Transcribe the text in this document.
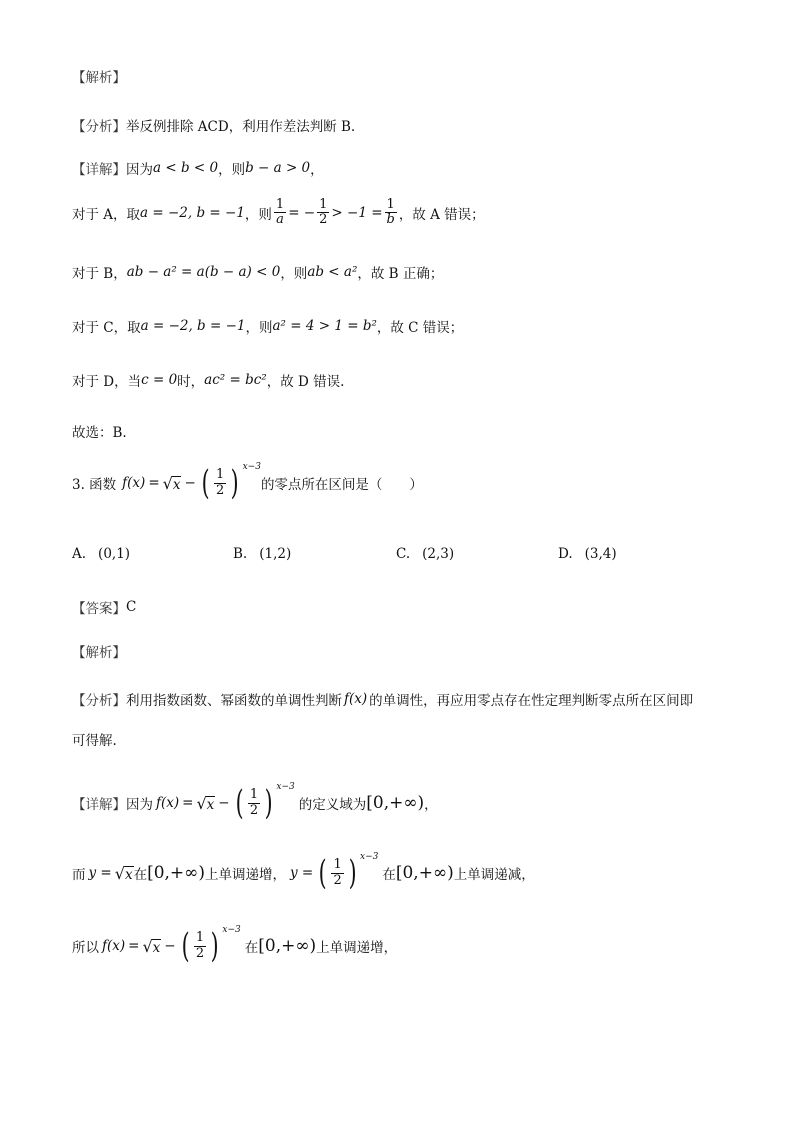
【解析】
【分析】 举反例排除 ACD，利用作差法判断 B.
【详解】 因为 a < b < 0 ，则 b − a > 0 ，
对于 A，取 a = −2, b = −1 ，则 $\frac{1}{a}$ = − $\frac{1}{2} > -1 = \frac{1}{b}$ ，故 A 错误；
对于 B， ab − a² = a(b − a) < 0 ，则 ab < a² ，故 B 正确；
对于 C，取 a = −2, b = −1 ，则 a² = 4 > 1 = b² ，故 C 错误；
对于 D，当 c = 0 时， ac² = bc² ，故 D 错误.
故选：B.
3. 函数 f(x) = √ x − ( $\frac{1}{2}$ ) x−3
的零点所在区间是（　　）
A. (0,1)	B. (1,2)	C. (2,3)	D. (3,4)
【答案】 C
【解析】
【分析】 利用指数函数、幂函数的单调性判断 f(x) 的单调性，再应用零点存在性定理判断零点所在区间即
可得解.
【详解】 因为 f(x) = √ x − ( $\frac{1}{2}$ ) x−3
的定义域为 [0,+∞) ，
而 y = √ x 在 [0,+∞) 上单调递增， y = ( $\frac{1}{2}$ ) x−3
在 [0,+∞) 上单调递减，
所以 f(x) = √ x − ( $\frac{1}{2}$ ) x−3
在 [0,+∞) 上单调递增，
